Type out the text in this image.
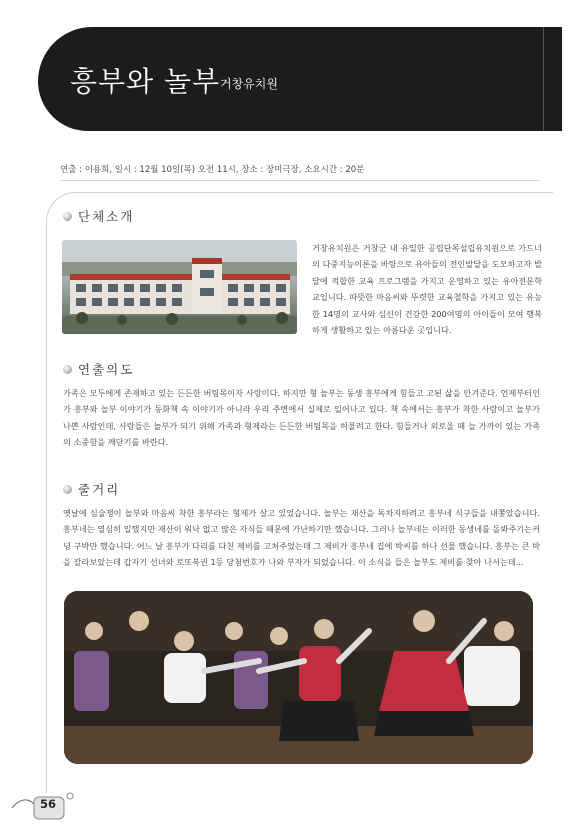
흥부와 놀부 거창유치원
연출 : 이용희, 일시 : 12월 10일(목) 오전 11시, 장소 : 장미극장, 소요시간 : 20분
단체소개
거창유치원은 거창군 내 유일한 공립단독설립유치원으로 가드너의 다중지능이론을 바탕으로 유아들의 전인발달을 도모하고자 발달에 적합한 교육 프로그램을 가지고 운영하고 있는 유아전문학교입니다. 따뜻한 마음씨와 뚜렷한 교육철학을 가지고 있는 유능한 14명의 교사와 심신이 건강한 200여명의 아이들이 모여 행복하게 생활하고 있는 아름다운 곳입니다.
연출의도
가족은 모두에게 존재하고 있는 든든한 버팀목이자 사랑이다. 하지만 형 놀부는 동생 흥부에게 힘들고 고된 삶을 안겨준다. 언제부터인가 흥부와 놀부 이야기가 동화책 속 이야기가 아니라 우리 주변에서 실제로 일어나고 있다. 책 속에서는 흥부가 착한 사람이고 놀부가 나쁜 사람인데, 사람들은 놀부가 되기 위해 가족과 형제라는 든든한 버팀목을 허물려고 한다. 힘들거나 외로울 때 늘 가까이 있는 가족의 소중함을 깨닫기를 바란다.
줄거리
옛날에 심술쟁이 놀부와 마음씨 착한 흥부라는 형제가 살고 있었습니다. 놀부는 재산을 독차지하려고 흥부네 식구들을 내쫓았습니다. 흥부네는 열심히 일했지만 재산이 워낙 없고 많은 자식들 때문에 가난하기만 했습니다. 그러나 놀부네는 이러한 동생네를 돌봐주기는커녕 구박만 했습니다. 어느 날 흥부가 다리를 다친 제비를 고쳐주었는데 그 제비가 흥부네 집에 박씨를 하나 선물 했습니다. 흥부는 큰 박을 잘라보았는데 갑자기 선녀와 로또복권 1등 당첨번호가 나와 부자가 되었습니다. 이 소식을 들은 놀부도 제비를 찾아 나서는데...
56
